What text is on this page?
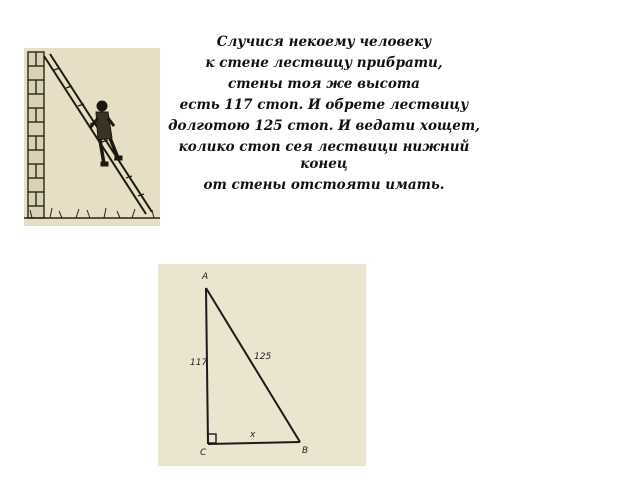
Случися некоему человеку
к стене лествицу прибрати,
стены тоя же высота
есть 117 стоп. И обрете лествицу
долготою 125 стоп. И ведати хощет,
колико стоп сея лествици нижний конец
от стены отстояти имать.
A
B
C
117
125
x
